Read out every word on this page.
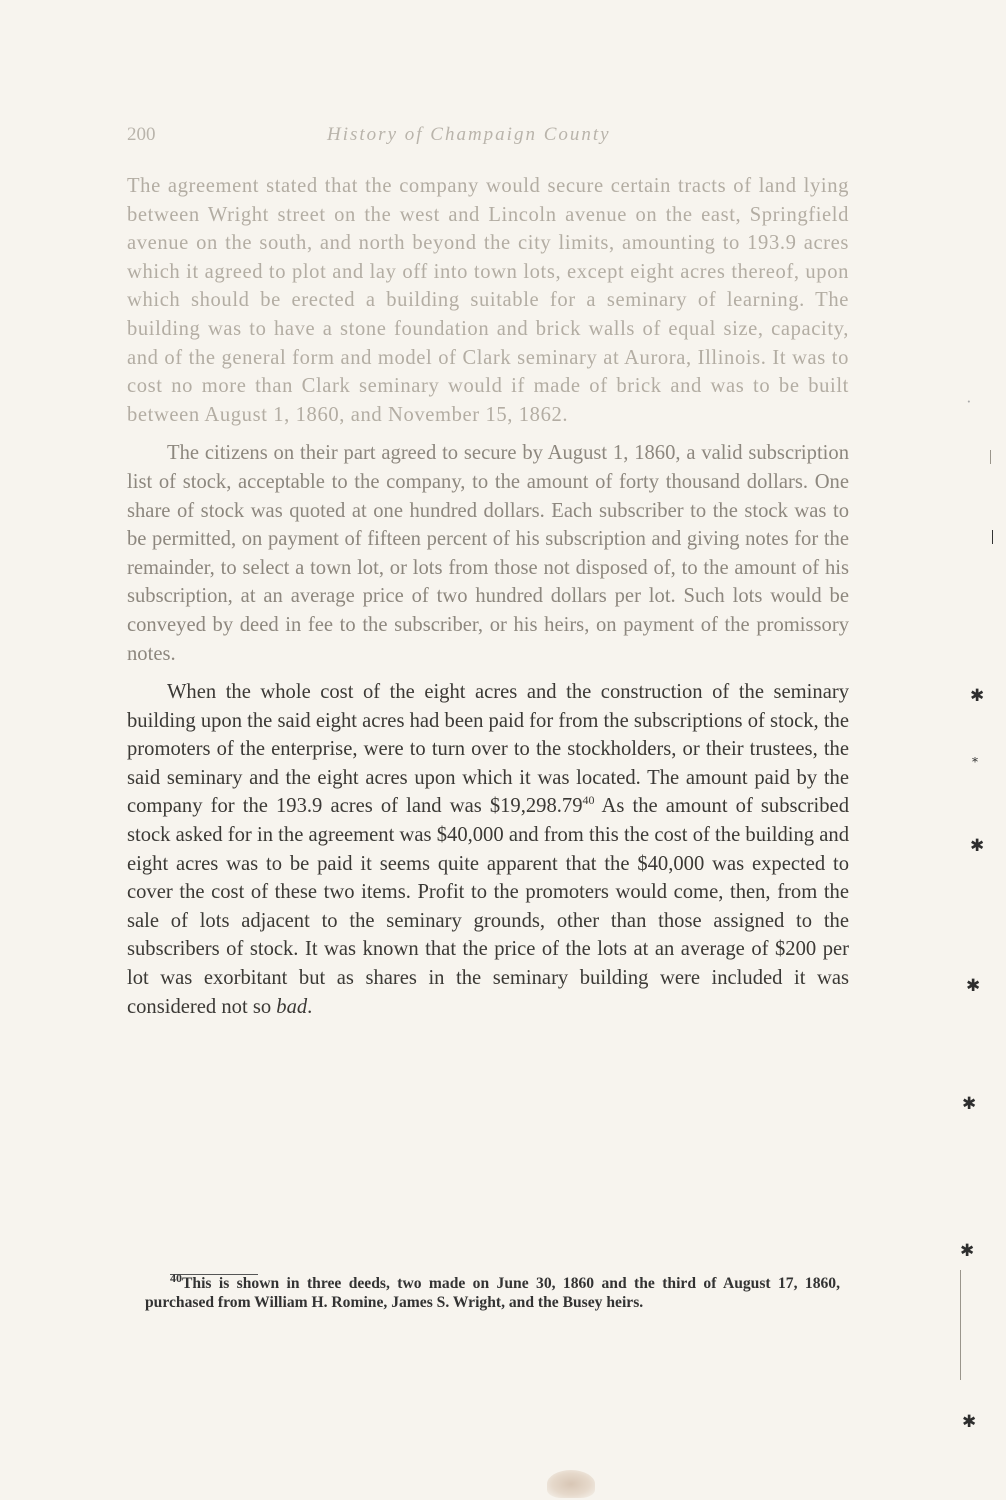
200	History of Champaign County

The agreement stated that the company would secure certain tracts of land lying between Wright street on the west and Lincoln avenue on the east, Springfield avenue on the south, and north beyond the city limits, amounting to 193.9 acres which it agreed to plot and lay off into town lots, except eight acres thereof, upon which should be erected a building suitable for a seminary of learning. The building was to have a stone foundation and brick walls of equal size, capacity, and of the general form and model of Clark seminary at Aurora, Illinois. It was to cost no more than Clark seminary would if made of brick and was to be built between August 1, 1860, and November 15, 1862.

The citizens on their part agreed to secure by August 1, 1860, a valid subscription list of stock, acceptable to the company, to the amount of forty thousand dollars. One share of stock was quoted at one hundred dollars. Each subscriber to the stock was to be permitted, on payment of fifteen percent of his subscription and giving notes for the remainder, to select a town lot, or lots from those not disposed of, to the amount of his subscription, at an average price of two hundred dollars per lot. Such lots would be conveyed by deed in fee to the subscriber, or his heirs, on payment of the promissory notes.

When the whole cost of the eight acres and the construction of the seminary building upon the said eight acres had been paid for from the subscriptions of stock, the promoters of the enterprise, were to turn over to the stockholders, or their trustees, the said seminary and the eight acres upon which it was located. The amount paid by the company for the 193.9 acres of land was $19,298.79$^{40}$ As the amount of subscribed stock asked for in the agreement was $40,000 and from this the cost of the building and eight acres was to be paid it seems quite apparent that the $40,000 was expected to cover the cost of these two items. Profit to the promoters would come, then, from the sale of lots adjacent to the seminary grounds, other than those assigned to the subscribers of stock. It was known that the price of the lots at an average of $200 per lot was exorbitant but as shares in the seminary building were included it was considered not so bad.

$^{40}$This is shown in three deeds, two made on June 30, 1860 and the third of August 17, 1860, purchased from William H. Romine, James S. Wright, and the Busey heirs.
·
✱
⁎
✱
✱
✱
✱
✱
